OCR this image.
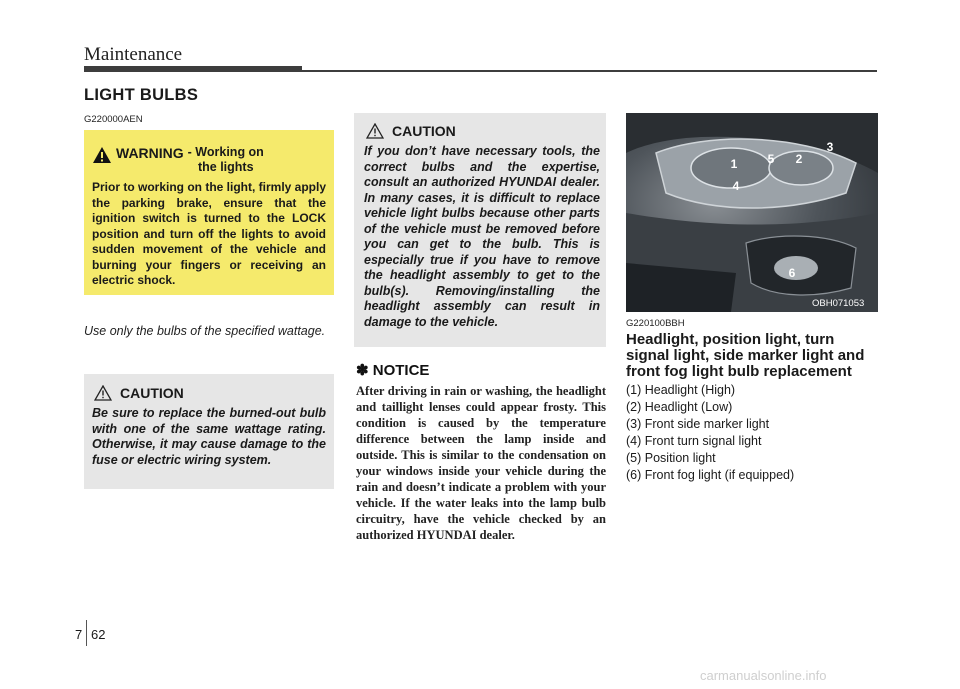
Maintenance
LIGHT BULBS
G220000AEN
WARNING - Working on
the lights
Prior to working on the light, firmly apply the parking brake, ensure that the ignition switch is turned to the LOCK position and turn off the lights to avoid sudden movement of the vehicle and burning your fingers or receiving an electric shock.
Use only the bulbs of the specified wattage.
CAUTION
Be sure to replace the burned-out bulb with one of the same wattage rating. Otherwise, it may cause damage to the fuse or electric wiring system.
CAUTION
If you don’t have necessary tools, the correct bulbs and the expertise, consult an authorized HYUNDAI dealer. In many cases, it is difficult to replace vehicle light bulbs because other parts of the vehicle must be removed before you can get to the bulb. This is especially true if you have to remove the headlight assembly to get to the bulb(s). Removing/installing the headlight assembly can result in damage to the vehicle.
✽ NOTICE
After driving in rain or washing, the headlight and taillight lenses could appear frosty. This condition is caused by the temperature difference between the lamp inside and outside. This is similar to the condensation on your windows inside your vehicle during the rain and doesn’t indicate a problem with your vehicle. If the water leaks into the lamp bulb circuitry, have the vehicle checked by an authorized HYUNDAI dealer.
1	2
3
4
5
6
OBH071053
G220100BBH
Headlight, position light, turn signal light, side marker light and front fog light bulb replacement
(1) Headlight (High)
(2) Headlight (Low)
(3) Front side marker light
(4) Front turn signal light
(5) Position light
(6) Front fog light (if equipped)
7 62
carmanualsonline.info
